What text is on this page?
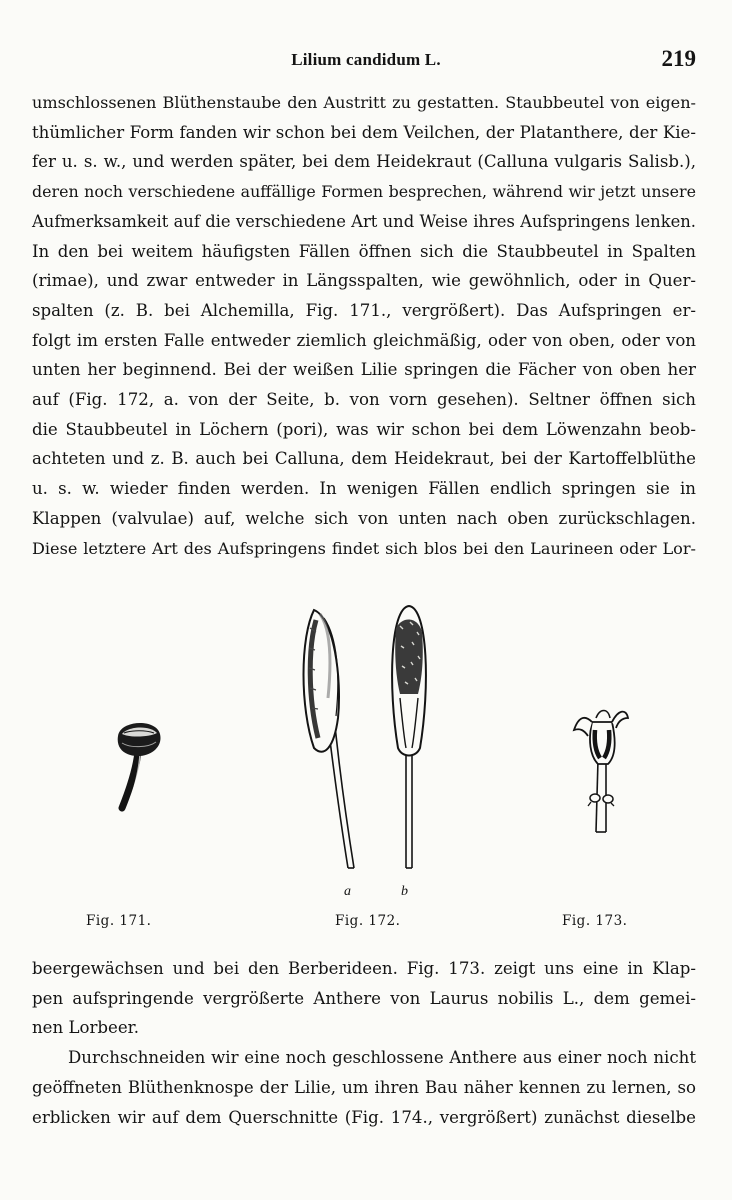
Lilium candidum L.	219
umschlossenen Blüthenstaube den Austritt zu gestatten. Staubbeutel von eigen-
thümlicher Form fanden wir schon bei dem Veilchen, der Platanthere, der Kie-
fer u. s. w., und werden später, bei dem Heidekraut (Calluna vulgaris Salisb.),
deren noch verschiedene auffällige Formen besprechen, während wir jetzt unsere
Aufmerksamkeit auf die verschiedene Art und Weise ihres Aufspringens lenken.
In den bei weitem häufigsten Fällen öffnen sich die Staubbeutel in Spalten
(rimae), und zwar entweder in Längsspalten, wie gewöhnlich, oder in Quer-
spalten (z. B. bei Alchemilla, Fig. 171., vergrößert). Das Aufspringen er-
folgt im ersten Falle entweder ziemlich gleichmäßig, oder von oben, oder von
unten her beginnend. Bei der weißen Lilie springen die Fächer von oben her
auf (Fig. 172, a. von der Seite, b. von vorn gesehen). Seltner öffnen sich
die Staubbeutel in Löchern (pori), was wir schon bei dem Löwenzahn beob-
achteten und z. B. auch bei Calluna, dem Heidekraut, bei der Kartoffelblüthe
u. s. w. wieder finden werden. In wenigen Fällen endlich springen sie in
Klappen (valvulae) auf, welche sich von unten nach oben zurückschlagen.
Diese letztere Art des Aufspringens findet sich blos bei den Laurineen oder Lor-
Fig. 171.
a	b
Fig. 172.	Fig. 173.
beergewächsen und bei den Berberideen. Fig. 173. zeigt uns eine in Klap-
pen aufspringende vergrößerte Anthere von Laurus nobilis L., dem gemei-
nen Lorbeer.
Durchschneiden wir eine noch geschlossene Anthere aus einer noch nicht
geöffneten Blüthenknospe der Lilie, um ihren Bau näher kennen zu lernen, so
erblicken wir auf dem Querschnitte (Fig. 174., vergrößert) zunächst dieselbe
